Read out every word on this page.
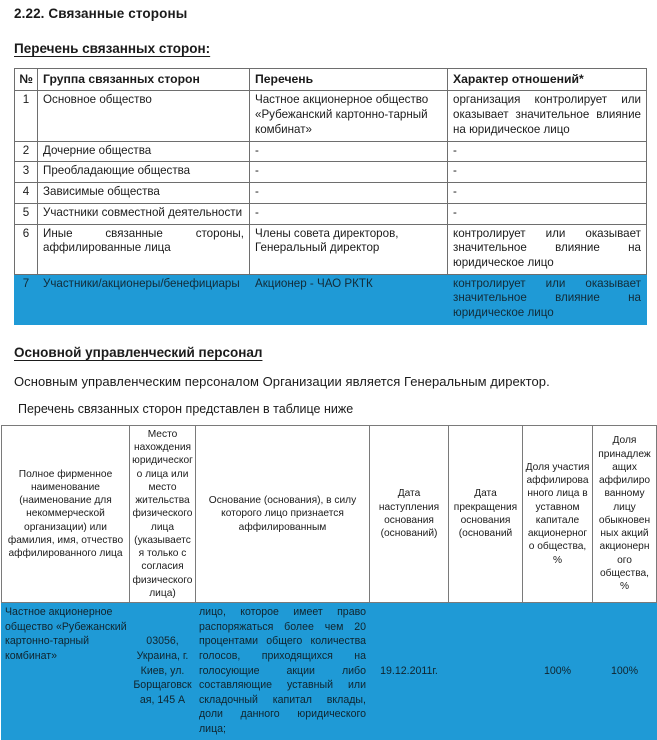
2.22. Связанные стороны
Перечень связанных сторон:
№	Группа связанных сторон	Перечень	Характер отношений*
1	Основное общество	Частное акционерное общество «Рубежанский картонно-тарный комбинат»	организация контролирует или оказывает значительное влияние на юридическое лицо
2	Дочерние общества	-	-
3	Преобладающие общества	-	-
4	Зависимые общества	-	-
5	Участники совместной деятельности	-	-
6	Иные связанные стороны, аффилированные лица	Члены совета директоров, Генеральный директор	контролирует или оказывает значительное влияние на юридическое лицо
7	Участники/акционеры/бенефициары	Акционер - ЧАО РКТК	контролирует или оказывает значительное влияние на юридическое лицо
Основной управленческий персонал
Основным управленческим персоналом Организации является Генеральным директор.
Перечень связанных сторон представлен в таблице ниже
Полное фирменное наименование (наименование для некоммерческой организации) или фамилия, имя, отчество аффилированного лица	Место нахождения юридическог о лица или место жительства физического лица (указываетс я только с согласия физического лица)	Основание (основания), в силу которого лицо признается аффилированным	Дата наступления основания (оснований)	Дата прекращения основания (оснований	Доля участия аффилирова нного лица в уставном капитале акционерног о общества, %	Доля принадлеж ащих аффилиро ванному лицу обыкновен ных акций акционерн ого общества, %
Частное акционерное общество «Рубежанский картонно-тарный комбинат»	03056, Украина, г. Киев, ул. Борщаговская, 145 А	лицо, которое имеет право распоряжаться более чем 20 процентами общего количества голосов, приходящихся на голосующие акции либо составляющие уставный или складочный капитал вклады, доли данного юридического лица;	19.12.2011г.		100%	100%
